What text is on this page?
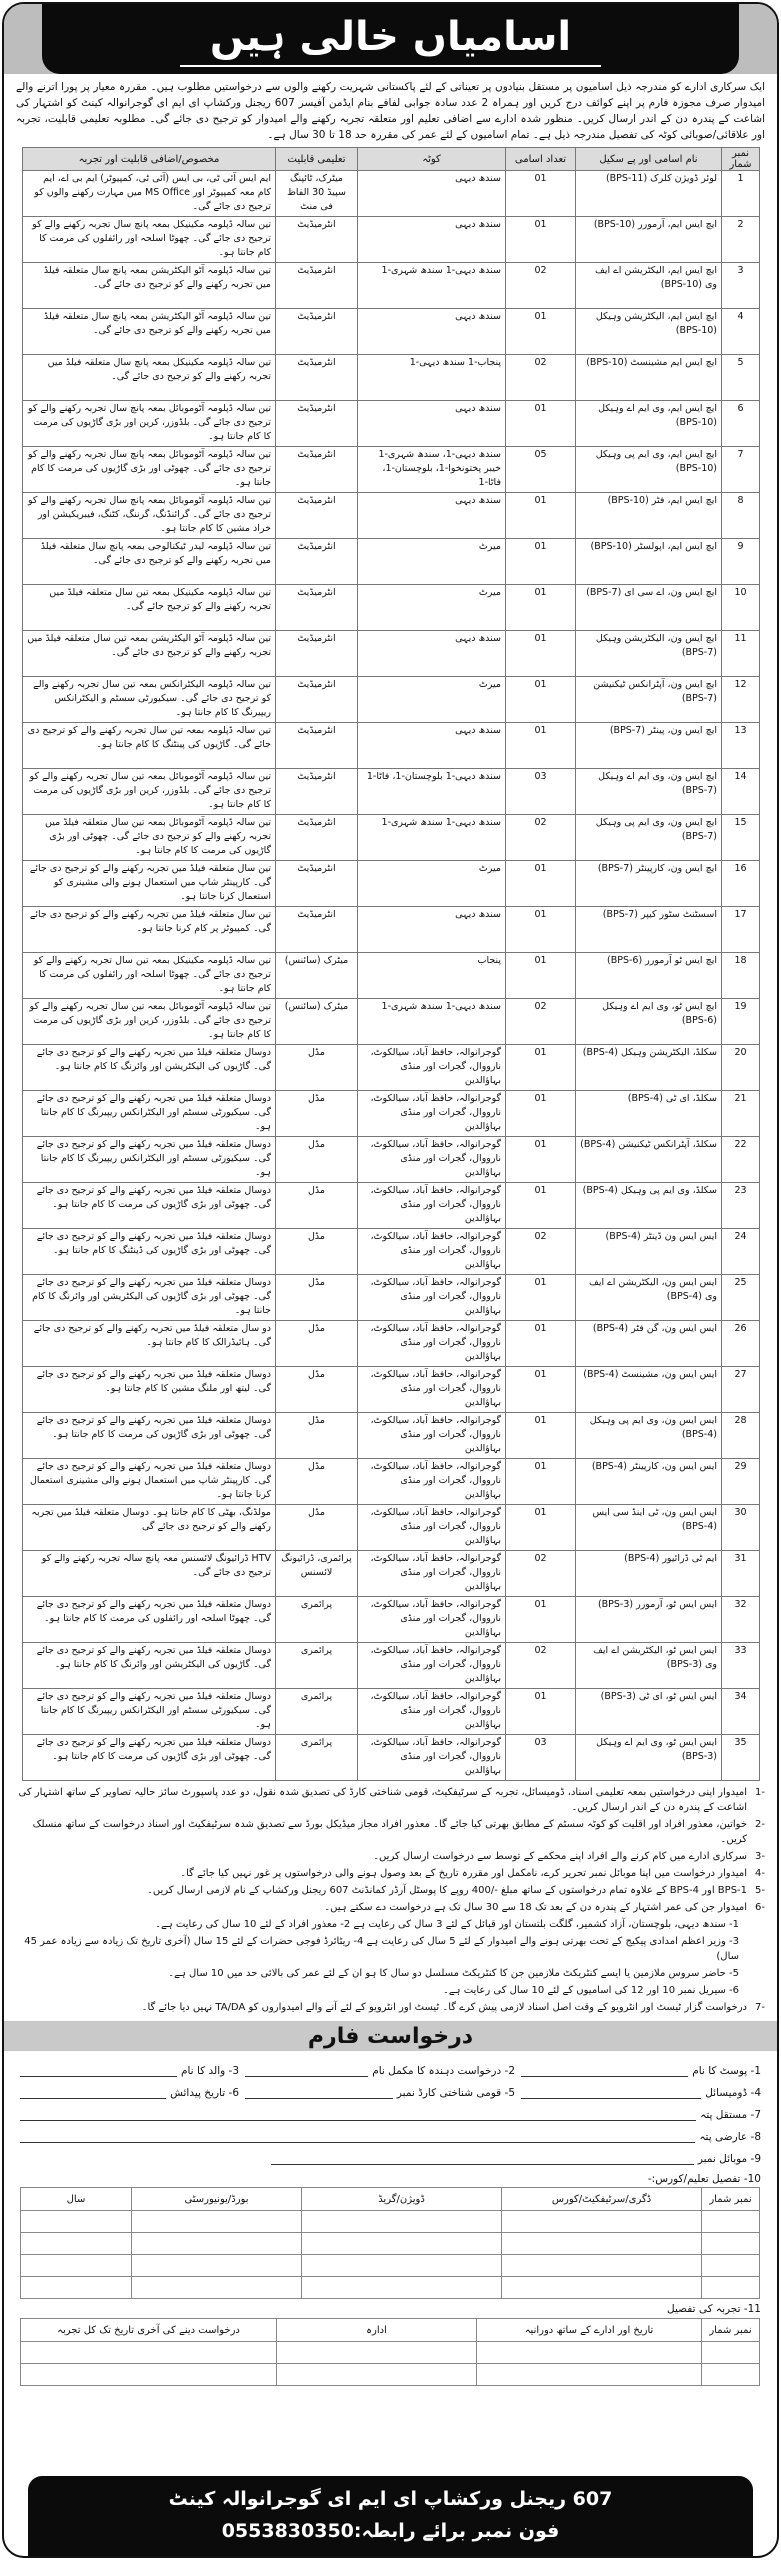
اسامیاں خالی ہیں

ایک سرکاری ادارے کو مندرجہ ذیل اسامیوں پر مستقل بنیادوں پر تعیناتی کے لئے پاکستانی شہریت رکھنے والوں سے درخواستیں مطلوب ہیں۔ مقررہ معیار پر پورا اترنے والے امیدوار صرف مجوزہ فارم پر اپنے کوائف درج کریں اور ہمراہ 2 عدد سادہ جوابی لفافے بنام ایڈمن آفیسر 607 ریجنل ورکشاپ ای ایم ای گوجرانوالہ کینٹ کو اشتہار کی اشاعت کے پندرہ دن کے اندر ارسال کریں۔ منظور شدہ ادارے سے اضافی تعلیم اور متعلقہ تجربہ رکھنے والے امیدوار کو ترجیح دی جائے گی۔ مطلوبہ تعلیمی قابلیت، تجربہ اور علاقائی/صوبائی کوٹہ کی تفصیل مندرجہ ذیل ہے۔ تمام اسامیوں کے لئے عمر کی مقررہ حد 18 تا 30 سال ہے۔

نمبر شمار	نام اسامی اور پے سکیل	تعداد اسامی	کوٹہ	تعلیمی قابلیت	مخصوص/اضافی قابلیت اور تجربہ
1	لوئر ڈویژن کلرک (BPS-11)	01	سندھ دیہی	میٹرک، ٹائپنگ سپیڈ 30 الفاظ فی منٹ	ایم ایس آئی ٹی، بی ایس (آئی ٹی، کمپیوٹر) ایم بی اے، ایم کام معہ کمپیوٹر اور MS Office میں مہارت رکھنے والوں کو ترجیح دی جائے گی۔
2	ایچ ایس ایم، آرمورر (BPS-10)	01	سندھ دیہی	انٹرمیڈیٹ	تین سالہ ڈپلومہ مکینیکل بمعہ پانچ سال تجربہ رکھنے والے کو ترجیح دی جائے گی۔ چھوٹا اسلحہ اور رائفلوں کی مرمت کا کام جانتا ہو۔
3	ایچ ایس ایم، الیکٹریشن اے ایف وی (BPS-10)	02	سندھ دیہی-1 سندھ شہری-1	انٹرمیڈیٹ	تین سالہ ڈپلومہ آٹو الیکٹریشن بمعہ پانچ سال متعلقہ فیلڈ میں تجربہ رکھنے والے کو ترجیح دی جائے گی۔
4	ایچ ایس ایم، الیکٹریشن وہیکل (BPS-10)	01	سندھ دیہی	انٹرمیڈیٹ	تین سالہ ڈپلومہ آٹو الیکٹریشن بمعہ پانچ سال متعلقہ فیلڈ میں تجربہ رکھنے والے کو ترجیح دی جائے گی۔
5	ایچ ایس ایم مشینسٹ (BPS-10)	02	پنجاب-1 سندھ دیہی-1	انٹرمیڈیٹ	تین سالہ ڈپلومہ مکینیکل بمعہ پانچ سال متعلقہ فیلڈ میں تجربہ رکھنے والے کو ترجیح دی جائے گی۔
6	ایچ ایس ایم، وی ایم اے وہیکل (BPS-10)	01	سندھ دیہی	انٹرمیڈیٹ	تین سالہ ڈپلومہ آٹوموبائل بمعہ پانچ سال تجربہ رکھنے والے کو ترجیح دی جائے گی۔ بلڈوزر، کرین اور بڑی گاڑیوں کی مرمت کا کام جانتا ہو۔
7	ایچ ایس ایم، وی ایم پی وہیکل (BPS-10)	05	سندھ دیہی-1، سندھ شہری-1 خیبر پختونخوا-1، بلوچستان-1، فاٹا-1	انٹرمیڈیٹ	تین سالہ ڈپلومہ آٹوموبائل بمعہ پانچ سال تجربہ رکھنے والے کو ترجیح دی جائے گی۔ چھوٹی اور بڑی گاڑیوں کی مرمت کا کام جانتا ہو۔
8	ایچ ایس ایم، فٹر (BPS-10)	01	سندھ دیہی	انٹرمیڈیٹ	تین سالہ ڈپلومہ آٹوموبائل بمعہ پانچ سال تجربہ رکھنے والے کو ترجیح دی جائے گی۔ گرائنڈنگ، گرننگ، کٹنگ، فیبریکیشن اور خراد مشین کا کام جانتا ہو۔
9	ایچ ایس ایم، اپولسٹر (BPS-10)	01	میرٹ	انٹرمیڈیٹ	تین سالہ ڈپلومہ لیدر ٹیکنالوجی بمعہ پانچ سال متعلقہ فیلڈ میں تجربہ رکھنے والے کو ترجیح دی جائے گی۔
10	ایچ ایس ون، اے سی ای (BPS-7)	01	میرٹ	انٹرمیڈیٹ	تین سالہ ڈپلومہ مکینیکل بمعہ تین سال متعلقہ فیلڈ میں تجربہ رکھنے والے کو ترجیح جائے گی۔
11	ایچ ایس ون، الیکٹریشن وہیکل (BPS-7)	01	سندھ دیہی	انٹرمیڈیٹ	تین سالہ ڈپلومہ آٹو الیکٹریشن بمعہ تین سال متعلقہ فیلڈ میں تجربہ رکھنے والے کو ترجیح دی جائے گی۔
12	ایچ ایس ون، آپٹرانکس ٹیکنیشن (BPS-7)	01	میرٹ	انٹرمیڈیٹ	تین سالہ ڈپلومہ الیکٹرانکس بمعہ تین سال تجربہ رکھنے والے کو ترجیح دی جائے گی۔ سیکیورٹی سسٹم و الیکٹرانکس ریپیرنگ کا کام جانتا ہو۔
13	ایچ ایس ون، پینٹر (BPS-7)	01	سندھ دیہی	انٹرمیڈیٹ	تین سالہ ڈپلومہ بمعہ تین سال تجربہ رکھنے والے کو ترجیح دی جائے گی۔ گاڑیوں کی پینٹنگ کا کام جانتا ہو۔
14	ایچ ایس ون، وی ایم اے وہیکل (BPS-7)	03	سندھ دیہی-1 بلوچستان-1، فاٹا-1	انٹرمیڈیٹ	تین سالہ ڈپلومہ آٹوموبائل بمعہ تین سال تجربہ رکھنے والے کو ترجیح دی جائے گی۔ بلڈوزر، کرین اور بڑی گاڑیوں کی مرمت کا کام جانتا ہو۔
15	ایچ ایس ون، وی ایم پی وہیکل (BPS-7)	02	سندھ دیہی-1 سندھ شہری-1	انٹرمیڈیٹ	تین سالہ ڈپلومہ آٹوموبائل بمعہ تین سال متعلقہ فیلڈ میں تجربہ رکھنے والے کو ترجیح دی جائے گی۔ چھوٹی اور بڑی گاڑیوں کی مرمت کا کام جانتا ہو۔
16	ایچ ایس ون، کارپینٹر (BPS-7)	01	میرٹ	انٹرمیڈیٹ	تین سال متعلقہ فیلڈ میں تجربہ رکھنے والے کو ترجیح دی جائے گی۔ کارپینٹر شاپ میں استعمال ہونے والی مشینری کو استعمال کرنا جانتا ہو۔
17	اسسٹنٹ سٹور کیپر (BPS-7)	01	سندھ دیہی	انٹرمیڈیٹ	تین سال متعلقہ فیلڈ میں تجربہ رکھنے والے کو ترجیح دی جائے گی۔ کمپیوٹر پر کام کرنا جانتا ہو۔
18	ایچ ایس ٹو آرمورر (BPS-6)	01	پنجاب	میٹرک (سائنس)	تین سالہ ڈپلومہ مکینیکل بمعہ تین سال تجربہ رکھنے والے کو ترجیح دی جائے گی۔ چھوٹا اسلحہ اور رائفلوں کی مرمت کا کام جانتا ہو۔
19	ایچ ایس ٹو، وی ایم اے وہیکل (BPS-6)	02	سندھ دیہی-1 سندھ شہری-1	میٹرک (سائنس)	تین سالہ ڈپلومہ آٹوموبائل بمعہ تین سال تجربہ رکھنے والے کو ترجیح دی جائے گی۔ بلڈوزر، کرین اور بڑی گاڑیوں کی مرمت کا کام جانتا ہو۔
20	سکلڈ، الیکٹریشن وہیکل (BPS-4)	01	گوجرانوالہ، حافظ آباد، سیالکوٹ، نارووال، گجرات اور منڈی بہاؤالدین	مڈل	دوسال متعلقہ فیلڈ میں تجربہ رکھنے والے کو ترجیح دی جائے گی۔ گاڑیوں کی الیکٹریشن اور وائرنگ کا کام جانتا ہو۔
21	سکلڈ، ای ٹی (BPS-4)	01	گوجرانوالہ، حافظ آباد، سیالکوٹ، نارووال، گجرات اور منڈی بہاؤالدین	مڈل	دوسال متعلقہ فیلڈ میں تجربہ رکھنے والے کو ترجیح دی جائے گی۔ سیکیورٹی سسٹم اور الیکٹرانکس ریپیرنگ کا کام جانتا ہو۔
22	سکلڈ، آپٹرانکس ٹیکنیشن (BPS-4)	01	گوجرانوالہ، حافظ آباد، سیالکوٹ، نارووال، گجرات اور منڈی بہاؤالدین	مڈل	دوسال متعلقہ فیلڈ میں تجربہ رکھنے والے کو ترجیح دی جائے گی۔ سیکیورٹی سسٹم اور الیکٹرانکس ریپیرنگ کا کام جانتا ہو۔
23	سکلڈ، وی ایم پی وہیکل (BPS-4)	01	گوجرانوالہ، حافظ آباد، سیالکوٹ، نارووال، گجرات اور منڈی بہاؤالدین	مڈل	دوسال متعلقہ فیلڈ میں تجربہ رکھنے والے کو ترجیح دی جائے گی۔ چھوٹی اور بڑی گاڑیوں کی مرمت کا کام جانتا ہو۔
24	ایس ایس ون ڈینٹر (BPS-4)	02	گوجرانوالہ، حافظ آباد، سیالکوٹ، نارووال، گجرات اور منڈی بہاؤالدین	مڈل	دوسال متعلقہ فیلڈ میں تجربہ رکھنے والے کو ترجیح دی جائے گی۔ چھوٹی اور بڑی گاڑیوں کی ڈینٹنگ کا کام جانتا ہو۔
25	ایس ایس ون، الیکٹریشن اے ایف وی (BPS-4)	01	گوجرانوالہ، حافظ آباد، سیالکوٹ، نارووال، گجرات اور منڈی بہاؤالدین	مڈل	دوسال متعلقہ فیلڈ میں تجربہ رکھنے والے کو ترجیح دی جائے گی۔ چھوٹی اور بڑی گاڑیوں کی الیکٹریشن اور وائرنگ کا کام جانتا ہو۔
26	ایس ایس ون، گن فٹر (BPS-4)	01	گوجرانوالہ، حافظ آباد، سیالکوٹ، نارووال، گجرات اور منڈی بہاؤالدین	مڈل	دو سال متعلقہ فیلڈ میں تجربہ رکھنے والے کو ترجیح دی جائے گی۔ ہائیڈرالک کا کام جانتا ہو۔
27	ایس ایس ون، مشینسٹ (BPS-4)	01	گوجرانوالہ، حافظ آباد، سیالکوٹ، نارووال، گجرات اور منڈی بہاؤالدین	مڈل	دوسال متعلقہ فیلڈ میں تجربہ رکھنے والے کو ترجیح دی جائے گی۔ لیتھ اور ملنگ مشین کا کام جانتا ہو۔
28	ایس ایس ون، وی ایم پی وہیکل (BPS-4)	01	گوجرانوالہ، حافظ آباد، سیالکوٹ، نارووال، گجرات اور منڈی بہاؤالدین	مڈل	دوسال متعلقہ فیلڈ میں تجربہ رکھنے والے کو ترجیح دی جائے گی۔ چھوٹی اور بڑی گاڑیوں کی مرمت کا کام جانتا ہو۔
29	ایس ایس ون، کارپینٹر (BPS-4)	01	گوجرانوالہ، حافظ آباد، سیالکوٹ، نارووال، گجرات اور منڈی بہاؤالدین	مڈل	دوسال متعلقہ فیلڈ میں تجربہ رکھنے والے کو ترجیح دی جائے گی۔ کارپینٹر شاپ میں استعمال ہونے والی مشینری استعمال کرنا جانتا ہو۔
30	ایس ایس ون، ٹی اینڈ سی ایس (BPS-4)	01	گوجرانوالہ، حافظ آباد، سیالکوٹ، نارووال، گجرات اور منڈی بہاؤالدین	مڈل	مولڈنگ، بھٹی کا کام جانتا ہو۔ دوسال متعلقہ فیلڈ میں تجربہ رکھنے والے کو ترجیح دی جائے گی
31	ایم ٹی ڈرائیور (BPS-4)	02	گوجرانوالہ، حافظ آباد، سیالکوٹ، نارووال، گجرات اور منڈی بہاؤالدین	پرائمری، ڈرائیونگ لائسنس	HTV ڈرائیونگ لائسنس معہ پانچ سالہ تجربہ رکھنے والے کو ترجیح دی جائے گی۔
32	ایس ایس ٹو، آرمورر (BPS-3)	01	گوجرانوالہ، حافظ آباد، سیالکوٹ، نارووال، گجرات اور منڈی بہاؤالدین	پرائمری	دوسال متعلقہ فیلڈ میں تجربہ رکھنے والے کو ترجیح دی جائے گی۔ چھوٹا اسلحہ اور رائفلوں کی مرمت کا کام جانتا ہو۔
33	ایس ایس ٹو، الیکٹریشن اے ایف وی (BPS-3)	02	گوجرانوالہ، حافظ آباد، سیالکوٹ، نارووال، گجرات اور منڈی بہاؤالدین	پرائمری	دوسال متعلقہ فیلڈ میں تجربہ رکھنے والے کو ترجیح دی جائے گی۔ گاڑیوں کی الیکٹریشن اور وائرنگ کا کام جانتا ہو۔
34	ایس ایس ٹو، ای ٹی (BPS-3)	01	گوجرانوالہ، حافظ آباد، سیالکوٹ، نارووال، گجرات اور منڈی بہاؤالدین	پرائمری	دوسال متعلقہ فیلڈ میں تجربہ رکھنے والے کو ترجیح دی جائے گی۔ سیکیورٹی سسٹم اور الیکٹرانکس ریپیرنگ کا کام جانتا ہو۔
35	ایس ایس ٹو، وی ایم اے وہیکل (BPS-3)	03	گوجرانوالہ، حافظ آباد، سیالکوٹ، نارووال، گجرات اور منڈی بہاؤالدین	پرائمری	دوسال متعلقہ فیلڈ میں تجربہ رکھنے والے کو ترجیح دی جائے گی۔ چھوٹی اور بڑی گاڑیوں کی مرمت کا کام جانتا ہو۔
-1
امیدوار اپنی درخواستیں بمعہ تعلیمی اسناد، ڈومیسائل، تجربہ کے سرٹیفکیٹ، قومی شناختی کارڈ کی تصدیق شدہ نقول، دو عدد پاسپورٹ سائز حالیہ تصاویر کے ساتھ اشتہار کی اشاعت کے پندرہ دن کے اندر ارسال کریں۔
-2
خواتین، معذور افراد اور اقلیت کو کوٹہ سسٹم کے مطابق بھرتی کیا جائے گا۔ معذور افراد مجاز میڈیکل بورڈ سے تصدیق شدہ سرٹیفکیٹ اور اسناد درخواست کے ساتھ منسلک کریں۔
-3
سرکاری ادارے میں کام کرنے والے افراد اپنے محکمے کے توسط سے درخواست ارسال کریں۔
-4
امیدوار درخواست میں اپنا موبائل نمبر تحریر کرے، نامکمل اور مقررہ تاریخ کے بعد وصول ہونے والی درخواستوں پر غور نہیں کیا جائے گا۔
-5
BPS-1 اور BPS-4 کے علاوہ تمام درخواستوں کے ساتھ مبلغ -/400 روپے کا پوسٹل آرڈر کمانڈنٹ 607 ریجنل ورکشاپ کے نام لازمی ارسال کریں۔
-6
امیدوار جن کی عمر اشتہار کے پندرہ دن کے بعد تک 18 سے 30 سال تک ہے درخواست دے سکتے ہیں۔
1- سندھ دیہی، بلوچستان، آزاد کشمیر، گلگت بلتستان اور قبائل کے لئے 3 سال کی رعایت ہے 2- معذور افراد کے لئے 10 سال کی رعایت ہے۔
3- وزیر اعظم امدادی پیکیج کے تحت بھرتی ہونے والے امیدوار کے لئے 5 سال کی رعایت ہے 4- ریٹائرڈ فوجی حضرات کے لئے 15 سال (آخری تاریخ تک زیادہ سے زیادہ عمر 45 سال)
5- حاضر سروس ملازمین یا ایسے کنٹریکٹ ملازمین جن کا کنٹریکٹ مسلسل دو سال کا ہو ان کے لئے عمر کی بالائی حد میں 10 سال ہے۔
6- سیریل نمبر 10 اور 12 کی اسامیوں کے لئے 10 سال کی رعایت ہے۔
-7
درخواست گزار ٹیسٹ اور انٹرویو کے وقت اصل اسناد لازمی پیش کرے گا۔ ٹیسٹ اور انٹرویو کے لئے آنے والے امیدواروں کو TA/DA نہیں دیا جائے گا۔
درخواست فارم
1- پوسٹ کا نام
2- درخواست دہندہ کا مکمل نام
3- والد کا نام
4- ڈومیسائل
5- قومی شناختی کارڈ نمبر
6- تاریخ پیدائش
7- مستقل پتہ
8- عارضی پتہ
9- موبائل نمبر
10- تفصیل تعلیم/کورس:-
نمبر شمار	ڈگری/سرٹیفکیٹ/کورس	ڈویژن/گریڈ	بورڈ/یونیورسٹی	سال

11- تجربہ کی تفصیل
نمبر شمار	تاریخ اور ادارے کے ساتھ دورانیہ	ادارہ	درخواست دینے کی آخری تاریخ تک کل تجربہ

607 ریجنل ورکشاپ ای ایم ای گوجرانوالہ کینٹ
فون نمبر برائے رابطہ:0553830350
